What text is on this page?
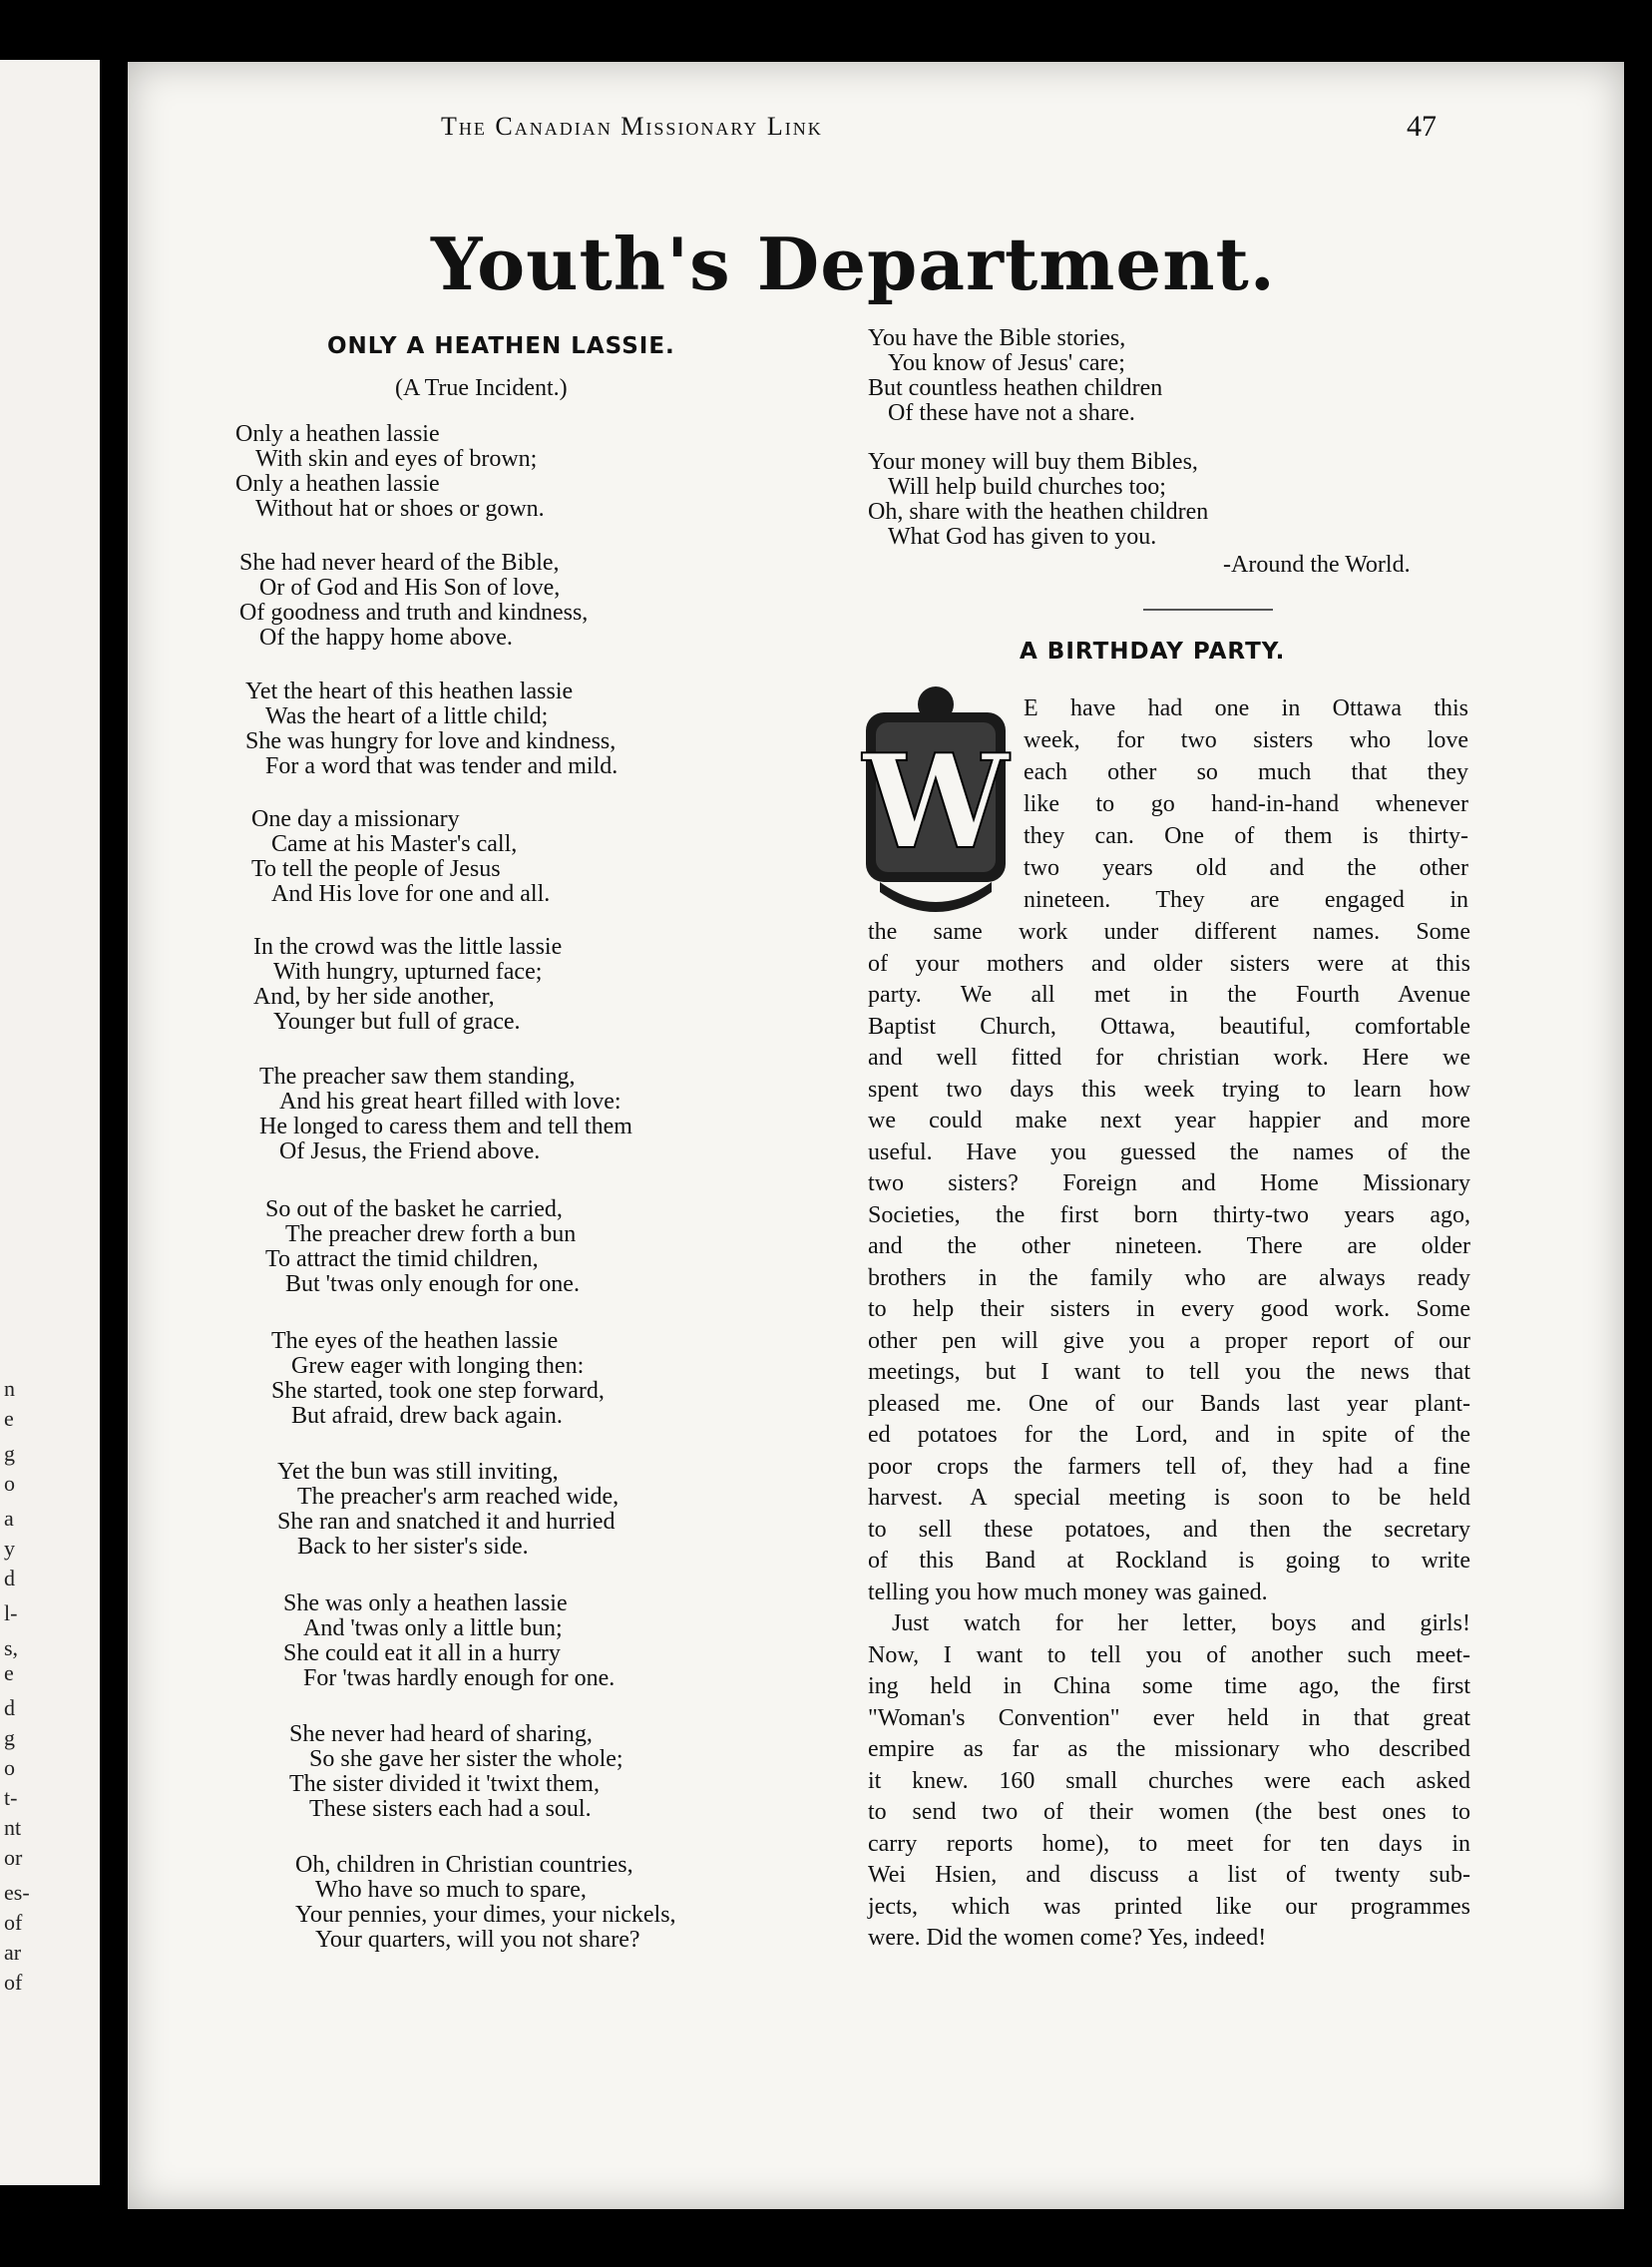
n
e
g
o
a
y
d
l-
s,
e
d
g
o
t-
nt
or
es-
of
ar
of
The Canadian Missionary Link	47
Youth's Department.
ONLY A HEATHEN LASSIE.
(A True Incident.)
Only a heathen lassie
With skin and eyes of brown;
Only a heathen lassie
Without hat or shoes or gown.
She had never heard of the Bible,
Or of God and His Son of love,
Of goodness and truth and kindness,
Of the happy home above.
Yet the heart of this heathen lassie
Was the heart of a little child;
She was hungry for love and kindness,
For a word that was tender and mild.
One day a missionary
Came at his Master's call,
To tell the people of Jesus
And His love for one and all.
In the crowd was the little lassie
With hungry, upturned face;
And, by her side another,
Younger but full of grace.
The preacher saw them standing,
And his great heart filled with love:
He longed to caress them and tell them
Of Jesus, the Friend above.
So out of the basket he carried,
The preacher drew forth a bun
To attract the timid children,
But 'twas only enough for one.
The eyes of the heathen lassie
Grew eager with longing then:
She started, took one step forward,
But afraid, drew back again.
Yet the bun was still inviting,
The preacher's arm reached wide,
She ran and snatched it and hurried
Back to her sister's side.
She was only a heathen lassie
And 'twas only a little bun;
She could eat it all in a hurry
For 'twas hardly enough for one.
She never had heard of sharing,
So she gave her sister the whole;
The sister divided it 'twixt them,
These sisters each had a soul.
Oh, children in Christian countries,
Who have so much to spare,
Your pennies, your dimes, your nickels,
Your quarters, will you not share?
You have the Bible stories,
You know of Jesus' care;
But countless heathen children
Of these have not a share.
Your money will buy them Bibles,
Will help build churches too;
Oh, share with the heathen children
What God has given to you.
-Around the World.
A BIRTHDAY PARTY.
W
E have had one in Ottawa this
week, for two sisters who love
each other so much that they
like to go hand-in-hand whenever
they can. One of them is thirty-
two years old and the other
nineteen. They are engaged in
the same work under different names. Some
of your mothers and older sisters were at this
party. We all met in the Fourth Avenue
Baptist Church, Ottawa, beautiful, comfortable
and well fitted for christian work. Here we
spent two days this week trying to learn how
we could make next year happier and more
useful. Have you guessed the names of the
two sisters? Foreign and Home Missionary
Societies, the first born thirty-two years ago,
and the other nineteen. There are older
brothers in the family who are always ready
to help their sisters in every good work. Some
other pen will give you a proper report of our
meetings, but I want to tell you the news that
pleased me. One of our Bands last year plant-
ed potatoes for the Lord, and in spite of the
poor crops the farmers tell of, they had a fine
harvest. A special meeting is soon to be held
to sell these potatoes, and then the secretary
of this Band at Rockland is going to write
telling you how much money was gained.
Just watch for her letter, boys and girls!
Now, I want to tell you of another such meet-
ing held in China some time ago, the first
"Woman's Convention" ever held in that great
empire as far as the missionary who described
it knew. 160 small churches were each asked
to send two of their women (the best ones to
carry reports home), to meet for ten days in
Wei Hsien, and discuss a list of twenty sub-
jects, which was printed like our programmes
were. Did the women come? Yes, indeed!
